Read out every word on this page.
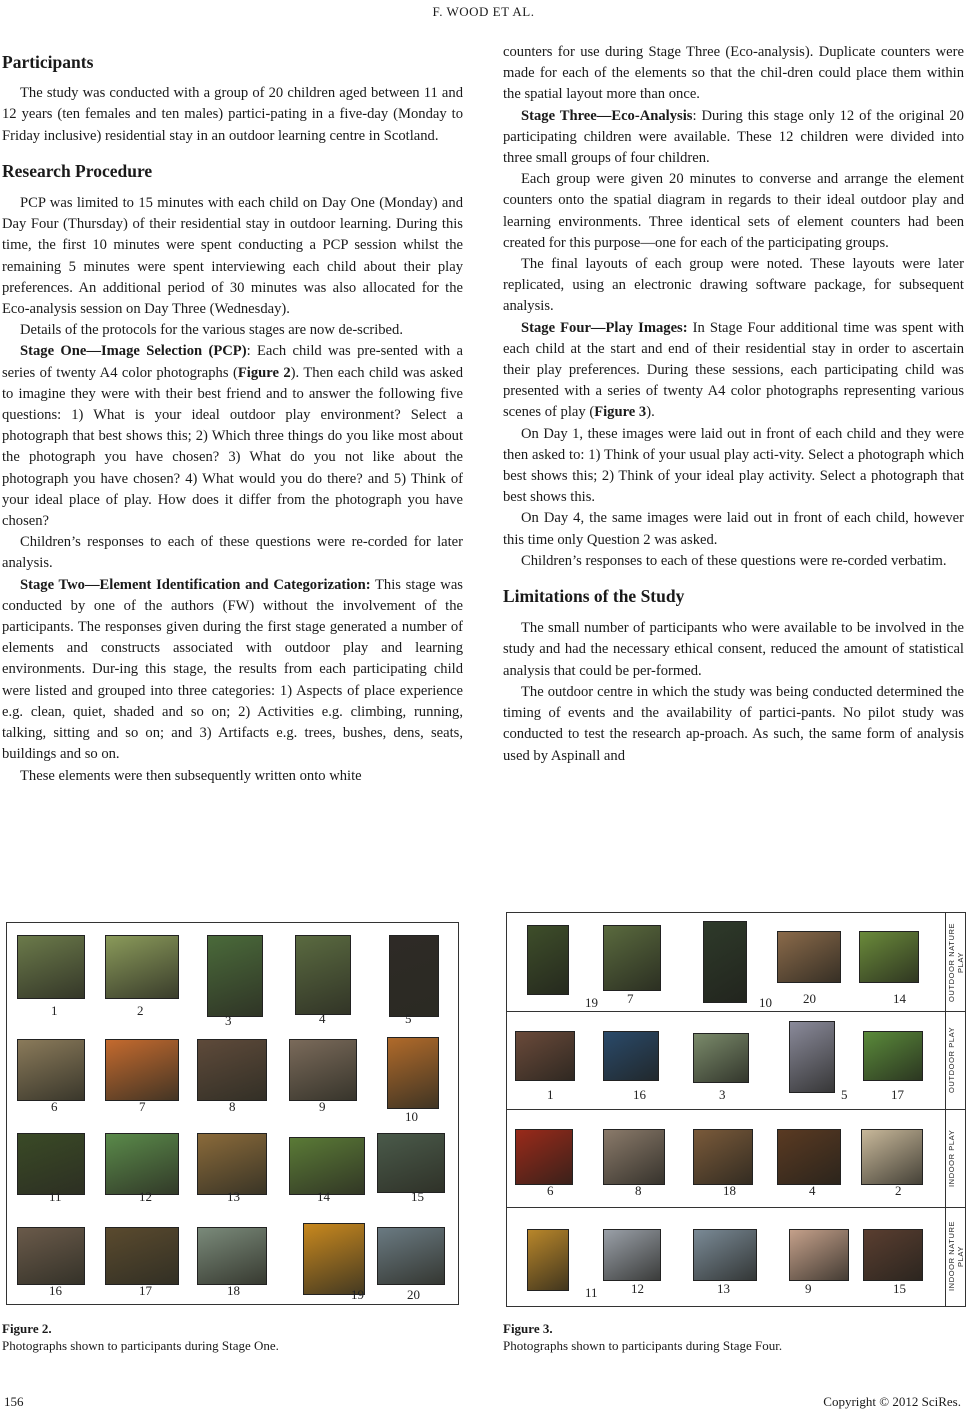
F. WOOD ET AL.
Participants

The study was conducted with a group of 20 children aged between 11 and 12 years (ten females and ten males) partici-pating in a five-day (Monday to Friday inclusive) residential stay in an outdoor learning centre in Scotland.

Research Procedure

PCP was limited to 15 minutes with each child on Day One (Monday) and Day Four (Thursday) of their residential stay in outdoor learning. During this time, the first 10 minutes were spent conducting a PCP session whilst the remaining 5 minutes were spent interviewing each child about their play preferences. An additional period of 30 minutes was also allocated for the Eco-analysis session on Day Three (Wednesday).

Details of the protocols for the various stages are now de-scribed.

Stage One—Image Selection (PCP): Each child was pre-sented with a series of twenty A4 color photographs (Figure 2). Then each child was asked to imagine they were with their best friend and to answer the following five questions: 1) What is your ideal outdoor play environment? Select a photograph that best shows this; 2) Which three things do you like most about the photograph you have chosen? 3) What do you not like about the photograph you have chosen? 4) What would you do there? and 5) Think of your ideal place of play. How does it differ from the photograph you have chosen?

Children’s responses to each of these questions were re-corded for later analysis.

Stage Two—Element Identification and Categorization: This stage was conducted by one of the authors (FW) without the involvement of the participants. The responses given during the first stage generated a number of elements and constructs associated with outdoor play and learning environments. Dur-ing this stage, the results from each participating child were listed and grouped into three categories: 1) Aspects of place experience e.g. clean, quiet, shaded and so on; 2) Activities e.g. climbing, running, talking, sitting and so on; and 3) Artifacts e.g. trees, bushes, dens, seats, buildings and so on.

These elements were then subsequently written onto white

counters for use during Stage Three (Eco-analysis). Duplicate counters were made for each of the elements so that the chil-dren could place them within the spatial layout more than once.

Stage Three—Eco-Analysis: During this stage only 12 of the original 20 participating children were available. These 12 children were divided into three small groups of four children.

Each group were given 20 minutes to converse and arrange the element counters onto the spatial diagram in regards to their ideal outdoor play and learning environments. Three identical sets of element counters had been created for this purpose—one for each of the participating groups.

The final layouts of each group were noted. These layouts were later replicated, using an electronic drawing software package, for subsequent analysis.

Stage Four—Play Images: In Stage Four additional time was spent with each child at the start and end of their residential stay in order to ascertain their play preferences. During these sessions, each participating child was presented with a series of twenty A4 color photographs representing various scenes of play (Figure 3).

On Day 1, these images were laid out in front of each child and they were then asked to: 1) Think of your usual play acti-vity. Select a photograph which best shows this; 2) Think of your ideal play activity. Select a photograph that best shows this.

On Day 4, the same images were laid out in front of each child, however this time only Question 2 was asked.

Children’s responses to each of these questions were re-corded verbatim.

Limitations of the Study

The small number of participants who were available to be involved in the study and had the necessary ethical consent, reduced the amount of statistical analysis that could be per-formed.

The outdoor centre in which the study was being conducted determined the timing of events and the availability of partici-pants. No pilot study was conducted to test the research ap-proach. As such, the same form of analysis used by Aspinall and

1	2
3	4	5
6	7	8	9
10
11	12	13	14	15
16	17	18	19	20
Figure 2.
Photographs shown to participants during Stage One.
OUTDOOR NATURE PLAY
OUTDOOR PLAY
INDOOR PLAY
INDOOR NATURE PLAY
19 7	10 20	14
1	16	3	5	17
6	8	18	4	2
11	12	13	9	15
Figure 3.
Photographs shown to participants during Stage Four.
156	Copyright © 2012 SciRes.
